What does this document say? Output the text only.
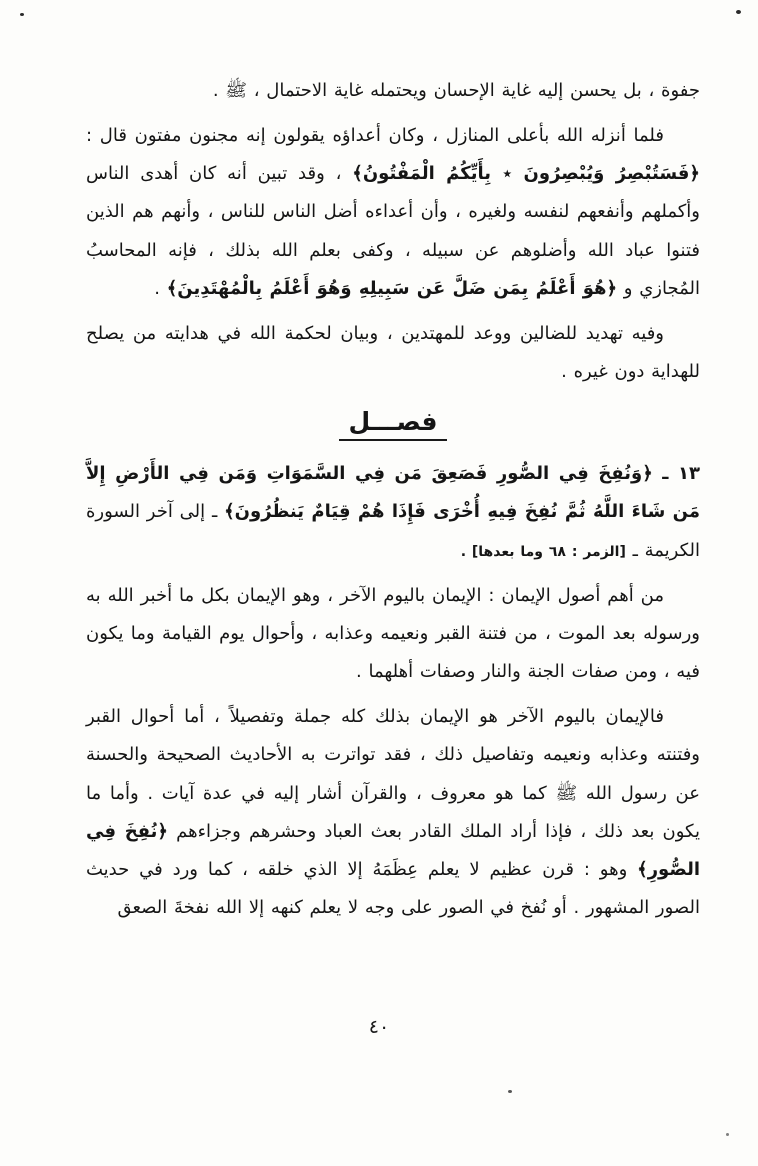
جفوة ، بل يحسن إليه غاية الإحسان ويحتمله غاية الاحتمال ، ﷺ .

فلما أنزله الله بأعلى المنازل ، وكان أعداؤه يقولون إنه مجنون مفتون قال : ﴿فَسَتُبْصِرُ وَيُبْصِرُونَ ٭ بِأَيِّكُمُ الْمَفْتُونُ﴾ ، وقد تبين أنه كان أهدى الناس وأكملهم وأنفعهم لنفسه ولغيره ، وأن أعداءه أضل الناس للناس ، وأنهم هم الذين فتنوا عباد الله وأضلوهم عن سبيله ، وكفى بعلم الله بذلك ، فإنه المحاسبُ المُجازي و ﴿هُوَ أَعْلَمُ بِمَن ضَلَّ عَن سَبِيلِهِ وَهُوَ أَعْلَمُ بِالْمُهْتَدِينَ﴾ .

وفيه تهديد للضالين ووعد للمهتدين ، وبيان لحكمة الله في هدايته من يصلح للهداية دون غيره .

فصـــل

١٣ ـ ﴿وَنُفِخَ فِي الصُّورِ فَصَعِقَ مَن فِي السَّمَوَاتِ وَمَن فِي الأَرْضِ إِلاَّ مَن شَاءَ اللَّهُ ثُمَّ نُفِخَ فِيهِ أُخْرَى فَإِذَا هُمْ قِيَامٌ يَنظُرُونَ﴾ ـ إلى آخر السورة الكريمة ـ [الزمر : ٦٨ وما بعدها] .

من أهم أصول الإيمان : الإيمان باليوم الآخر ، وهو الإيمان بكل ما أخبر الله به ورسوله بعد الموت ، من فتنة القبر ونعيمه وعذابه ، وأحوال يوم القيامة وما يكون فيه ، ومن صفات الجنة والنار وصفات أهلهما .

فالإيمان باليوم الآخر هو الإيمان بذلك كله جملة وتفصيلاً ، أما أحوال القبر وفتنته وعذابه ونعيمه وتفاصيل ذلك ، فقد تواترت به الأحاديث الصحيحة والحسنة عن رسول الله ﷺ كما هو معروف ، والقرآن أشار إليه في عدة آيات . وأما ما يكون بعد ذلك ، فإذا أراد الملك القادر بعث العباد وحشرهم وجزاءهم ﴿نُفِخَ فِي الصُّورِ﴾ وهو : قرن عظيم لا يعلم عِظَمَهُ إلا الذي خلقه ، كما ورد في حديث الصور المشهور . أو نُفخ في الصور على وجه لا يعلم كنهه إلا الله نفخةَ الصعق

٤٠
